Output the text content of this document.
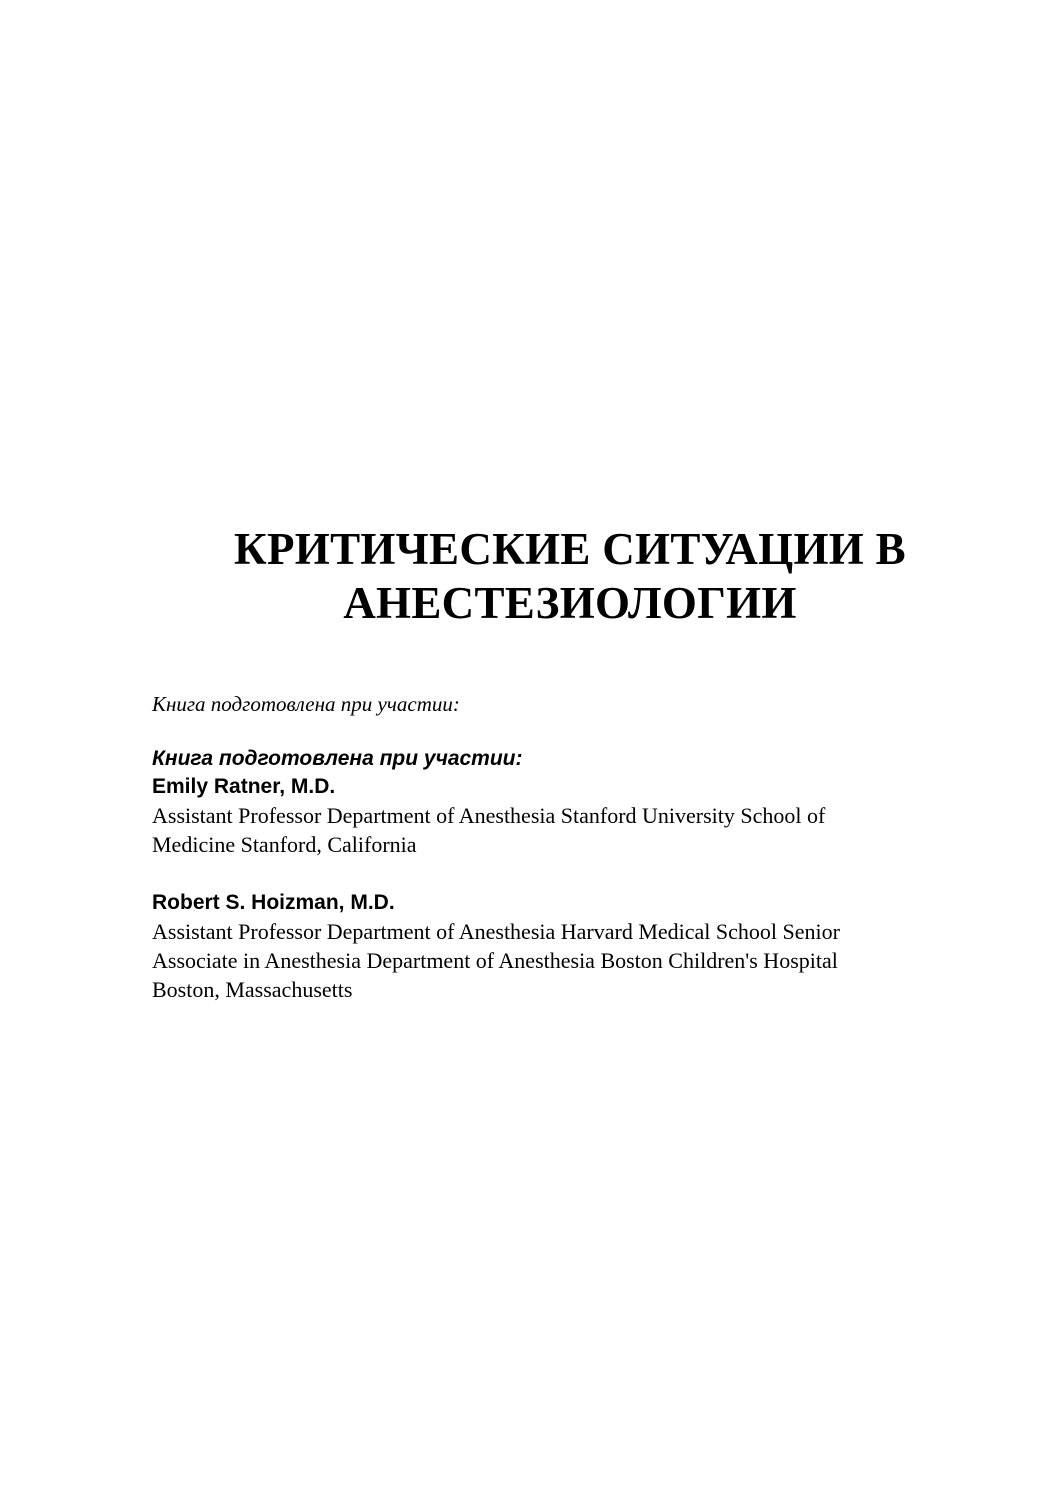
КРИТИЧЕСКИЕ СИТУАЦИИ В
АНЕСТЕЗИОЛОГИИ

Книга подготовлена при участии:

Книга подготовлена при участии:
Emily Ratner, M.D.
Assistant Professor Department of Anesthesia Stanford University School of
Medicine Stanford, California
Robert S. Hoizman, M.D.
Assistant Professor Department of Anesthesia Harvard Medical School Senior
Associate in Anesthesia Department of Anesthesia Boston Children's Hospital
Boston, Massachusetts
